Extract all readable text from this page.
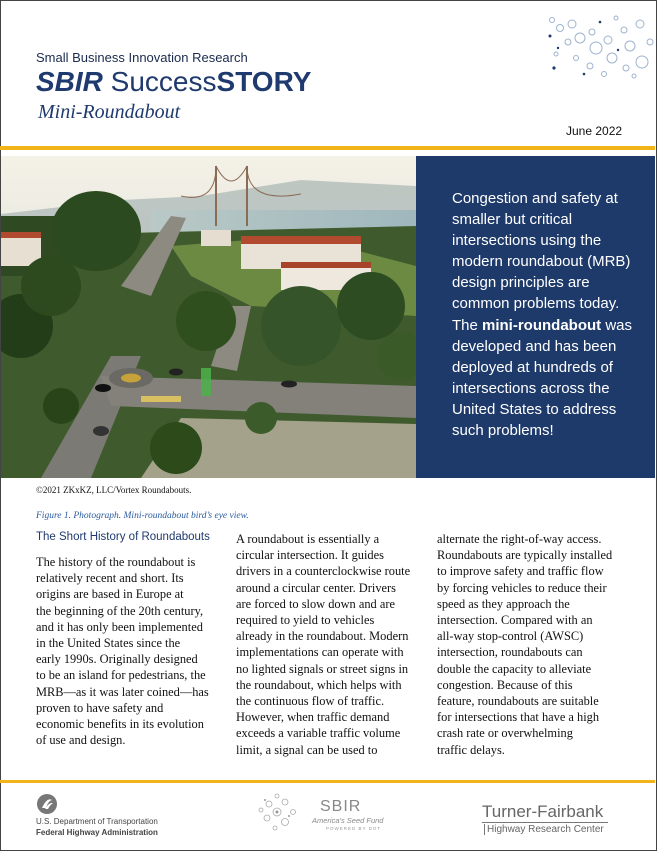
Small Business Innovation Research
SBIR SuccessSTORY
Mini-Roundabout
June 2022
Congestion and safety at smaller but critical intersections using the modern roundabout (MRB) design principles are common problems today. The mini-roundabout was developed and has been deployed at hundreds of intersections across the United States to address such problems!
©2021 ZKxKZ, LLC/Vortex Roundabouts.
Figure 1. Photograph. Mini-roundabout bird’s eye view.
The Short History of Roundabouts
The history of the roundabout is
relatively recent and short. Its
origins are based in Europe at
the beginning of the 20th century,
and it has only been implemented
in the United States since the
early 1990s. Originally designed
to be an island for pedestrians, the
MRB—as it was later coined—has
proven to have safety and
economic benefits in its evolution
of use and design.
A roundabout is essentially a
circular intersection. It guides
drivers in a counterclockwise route
around a circular center. Drivers
are forced to slow down and are
required to yield to vehicles
already in the roundabout. Modern
implementations can operate with
no lighted signals or street signs in
the roundabout, which helps with
the continuous flow of traffic.
However, when traffic demand
exceeds a variable traffic volume
limit, a signal can be used to
alternate the right-of-way access.
Roundabouts are typically installed
to improve safety and traffic flow
by forcing vehicles to reduce their
speed as they approach the
intersection. Compared with an
all-way stop-control (AWSC)
intersection, roundabouts can
double the capacity to alleviate
congestion. Because of this
feature, roundabouts are suitable
for intersections that have a high
crash rate or overwhelming
traffic delays.
U.S. Department of Transportation
Federal Highway Administration
SBIR
America's Seed Fund
POWERED BY DOT
Turner-Fairbank
Highway Research Center
